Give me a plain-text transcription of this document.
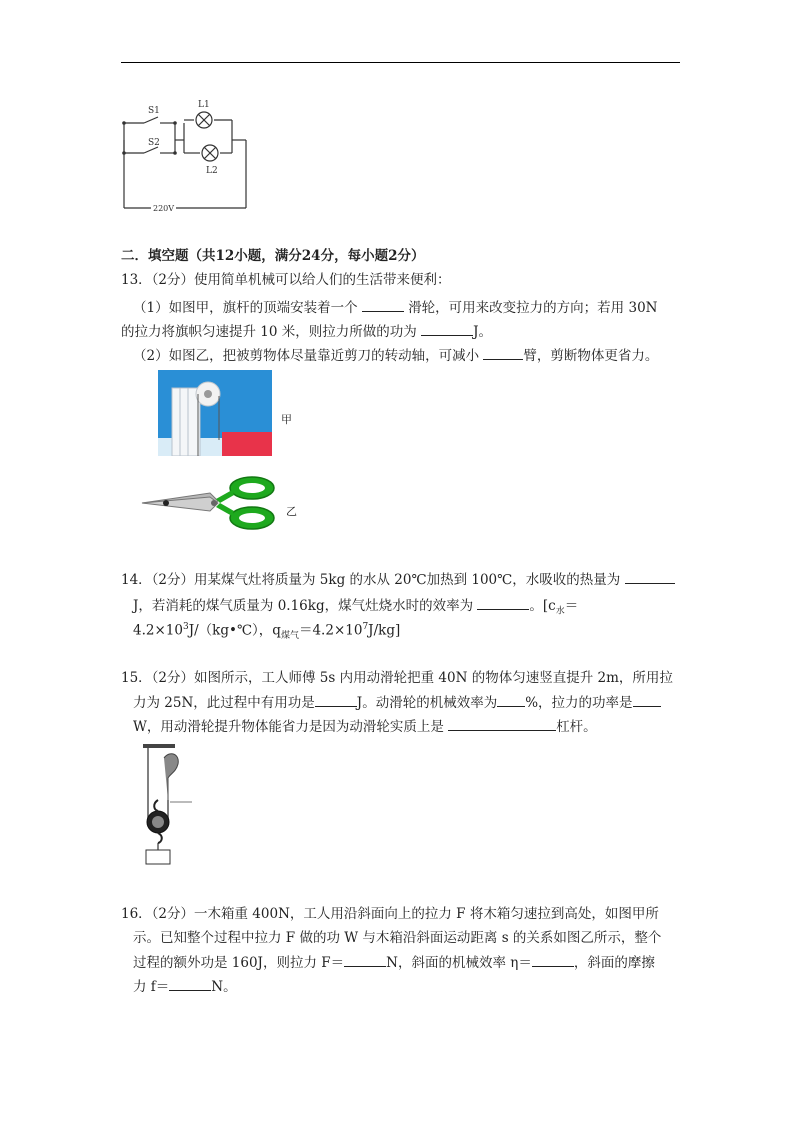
S1
S2
L1
L2
220V
二．填空题（共12小题，满分24分，每小题2分）
13．（2分）使用简单机械可以给人们的生活带来便利：
（1）如图甲，旗杆的顶端安装着一个	滑轮，可用来改变拉力的方向；若用 30N
的拉力将旗帜匀速提升 10 米，则拉力所做的功为	J。
（2）如图乙，把被剪物体尽量靠近剪刀的转动轴，可减小	臂，剪断物体更省力。
甲
乙
14．（2分）用某煤气灶将质量为 5kg 的水从 20℃加热到 100℃，水吸收的热量为
J，若消耗的煤气质量为 0.16kg，煤气灶烧水时的效率为	。[$c_水=$
$4.2\times 10^3J/(kg•℃)$，$q_{煤气}=4.2\times 10^7J/kg$]
15．（2分）如图所示，工人师傅 5s 内用动滑轮把重 40N 的物体匀速竖直提升 2m，所用拉
力为 25N，此过程中有用功是	J。动滑轮的机械效率为 %，拉力的功率是
W，用动滑轮提升物体能省力是因为动滑轮实质上是	杠杆。
16．（2分）一木箱重 400N，工人用沿斜面向上的拉力 F 将木箱匀速拉到高处，如图甲所
示。已知整个过程中拉力 F 做的功 W 与木箱沿斜面运动距离 s 的关系如图乙所示，整个
过程的额外功是 160J，则拉力 F＝	N，斜面的机械效率 η＝	，斜面的摩擦
力 f＝	N。
